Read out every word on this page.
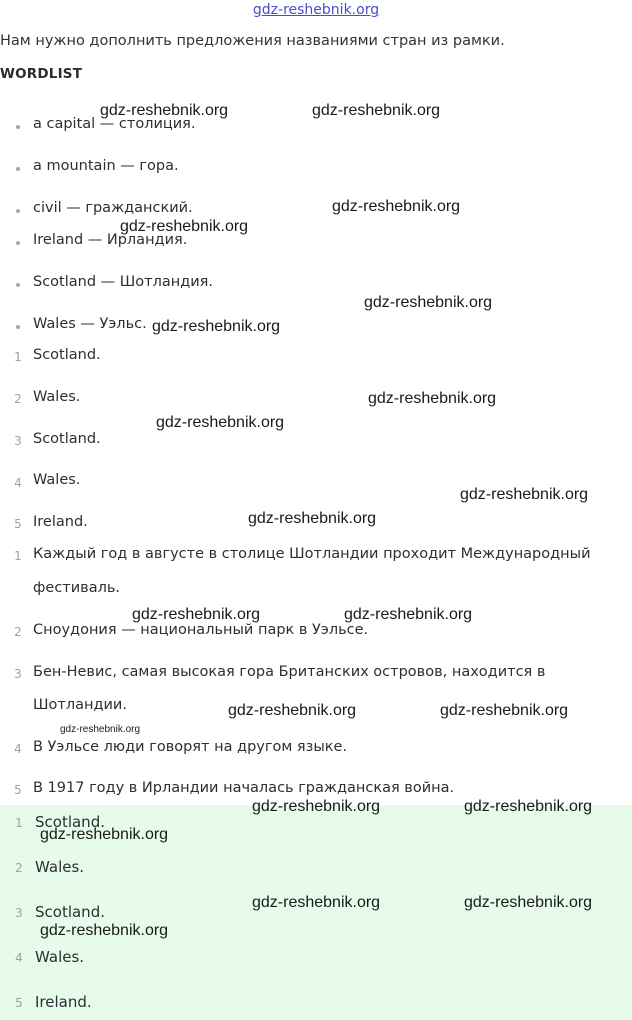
gdz-reshebnik.org
Нам нужно дополнить предложения названиями стран из рамки.
WORDLIST
a capital — столиция.
a mountain — гора.
civil — гражданский.
Ireland — Ирландия.
Scotland — Шотландия.
Wales — Уэльс.
1 Scotland.
2 Wales.
3 Scotland.
4 Wales.
5 Ireland.
1 Каждый год в августе в столице Шотландии проходит Международный
фестиваль.
2 Сноудония — национальный парк в Уэльсе.
3 Бен-Невис, самая высокая гора Британских островов, находится в
Шотландии.
4 В Уэльсе люди говорят на другом языке.
5 В 1917 году в Ирландии началась гражданская война.
1 Scotland.
2 Wales.
3 Scotland.
4 Wales.
5 Ireland.
gdz-reshebnik.org	gdz-reshebnik.org
gdz-reshebnik.org
gdz-reshebnik.org
gdz-reshebnik.org
gdz-reshebnik.org
gdz-reshebnik.org
gdz-reshebnik.org
gdz-reshebnik.org
gdz-reshebnik.org
gdz-reshebnik.org	gdz-reshebnik.org
gdz-reshebnik.org	gdz-reshebnik.org
gdz-reshebnik.org
gdz-reshebnik.org	gdz-reshebnik.org
gdz-reshebnik.org
gdz-reshebnik.org	gdz-reshebnik.org
gdz-reshebnik.org
